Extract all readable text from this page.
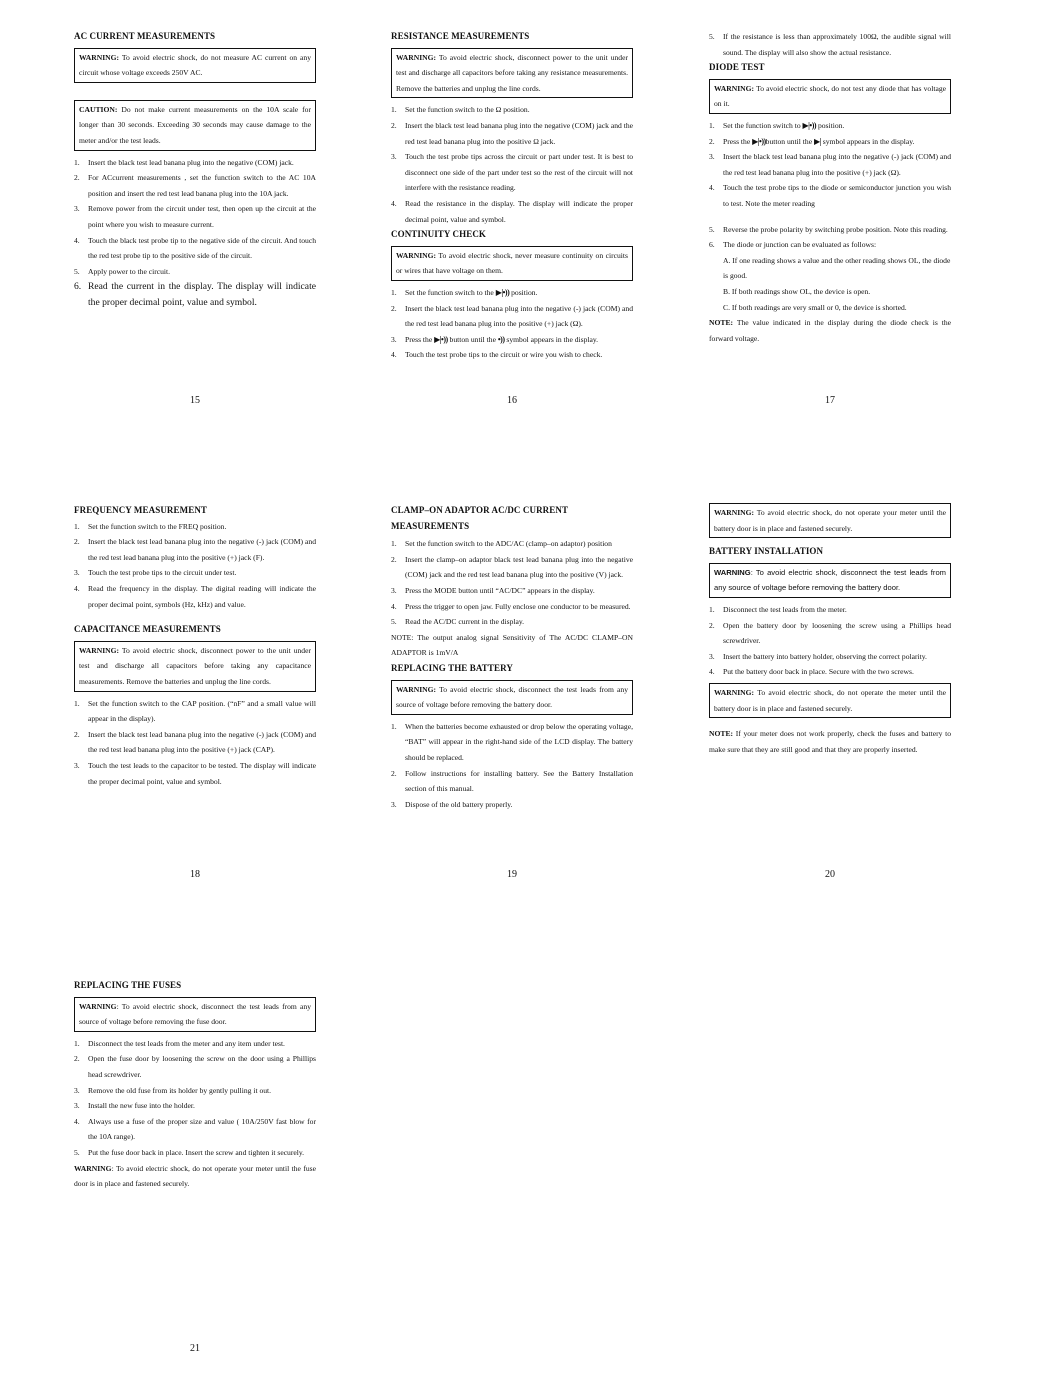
AC CURRENT MEASUREMENTS
WARNING: To avoid electric shock, do not measure AC current on any circuit whose voltage exceeds 250V AC.
CAUTION: Do not make current measurements on the 10A scale for longer than 30 seconds. Exceeding 30 seconds may cause damage to the meter and/or the test leads.
1. Insert the black test lead banana plug into the negative (COM) jack.
2. For ACcurrent measurements , set the function switch to the AC 10A position and insert the red test lead banana plug into the 10A jack.
3. Remove power from the circuit under test, then open up the circuit at the point where you wish to measure current.
4. Touch the black test probe tip to the negative side of the circuit. And touch the red test probe tip to the positive side of the circuit.
5. Apply power to the circuit.
6. Read the current in the display. The display will indicate the proper decimal point, value and symbol.
15
RESISTANCE MEASUREMENTS
WARNING: To avoid electric shock, disconnect power to the unit under test and discharge all capacitors before taking any resistance measurements. Remove the batteries and unplug the line cords.
1. Set the function switch to the Ω position.
2. Insert the black test lead banana plug into the negative (COM) jack and the red test lead banana plug into the positive Ω jack.
3. Touch the test probe tips across the circuit or part under test. It is best to disconnect one side of the part under test so the rest of the circuit will not interfere with the resistance reading.
4. Read the resistance in the display. The display will indicate the proper decimal point, value and symbol.
CONTINUITY CHECK
WARNING: To avoid electric shock, never measure continuity on circuits or wires that have voltage on them.
1. Set the function switch to the ▶|•)) position.
2. Insert the black test lead banana plug into the negative (-) jack (COM) and the red test lead banana plug into the positive (+) jack (Ω).
3. Press the ▶|•)) button until the •)) symbol appears in the display.
4. Touch the test probe tips to the circuit or wire you wish to check.
16
5. If the resistance is less than approximately 100Ω, the audible signal will sound. The display will also show the actual resistance.
DIODE TEST
WARNING: To avoid electric shock, do not test any diode that has voltage on it.
1. Set the function switch to ▶|•)) position.
2. Press the ▶|•))button until the ▶| symbol appears in the display.
3. Insert the black test lead banana plug into the negative (-) jack (COM) and the red test lead banana plug into the positive (+) jack (Ω).
4. Touch the test probe tips to the diode or semiconductor junction you wish to test. Note the meter reading
5. Reverse the probe polarity by switching probe position. Note this reading.
6. The diode or junction can be evaluated as follows:
A. If one reading shows a value and the other reading shows OL, the diode is good.
B. If both readings show OL, the device is open.
C. If both readings are very small or 0, the device is shorted.

NOTE: The value indicated in the display during the diode check is the forward voltage.

17
FREQUENCY MEASUREMENT
1. Set the function switch to the FREQ position.
2. Insert the black test lead banana plug into the negative (-) jack (COM) and the red test lead banana plug into the positive (+) jack (F).
3. Touch the test probe tips to the circuit under test.
4. Read the frequency in the display. The digital reading will indicate the proper decimal point, symbols (Hz, kHz) and value.
CAPACITANCE MEASUREMENTS
WARNING: To avoid electric shock, disconnect power to the unit under test and discharge all capacitors before taking any capacitance measurements. Remove the batteries and unplug the line cords.
1. Set the function switch to the CAP position. (“nF” and a small value will appear in the display).
2. Insert the black test lead banana plug into the negative (-) jack (COM) and the red test lead banana plug into the positive (+) jack (CAP).
3. Touch the test leads to the capacitor to be tested. The display will indicate the proper decimal point, value and symbol.
18
CLAMP–ON ADAPTOR AC/DC CURRENT
MEASUREMENTS
1. Set the function switch to the ADC/AC (clamp–on adaptor) position
2. Insert the clamp–on adaptor black test lead banana plug into the negative (COM) jack and the red test lead banana plug into the positive (V) jack.
3. Press the MODE button until “AC/DC” appears in the display.
4. Press the trigger to open jaw. Fully enclose one conductor to be measured.
5. Read the AC/DC current in the display.

NOTE: The output analog signal Sensitivity of The AC/DC CLAMP–ON ADAPTOR is 1mV/A

REPLACING THE BATTERY
WARNING: To avoid electric shock, disconnect the test leads from any source of voltage before removing the battery door.
1. When the batteries become exhausted or drop below the operating voltage, “BAT” will appear in the right-hand side of the LCD display. The battery should be replaced.
2. Follow instructions for installing battery. See the Battery Installation section of this manual.
3. Dispose of the old battery properly.
19
WARNING: To avoid electric shock, do not operate your meter until the battery door is in place and fastened securely.
BATTERY INSTALLATION
WARNING: To avoid electric shock, disconnect the test leads from any source of voltage before removing the battery door.
1. Disconnect the test leads from the meter.
2. Open the battery door by loosening the screw using a Phillips head screwdriver.
3. Insert the battery into battery holder, observing the correct polarity.
4. Put the battery door back in place. Secure with the two screws.
WARNING: To avoid electric shock, do not operate the meter until the battery door is in place and fastened securely.

NOTE: If your meter does not work properly, check the fuses and battery to make sure that they are still good and that they are properly inserted.

20
REPLACING THE FUSES
WARNING: To avoid electric shock, disconnect the test leads from any source of voltage before removing the fuse door.
1. Disconnect the test leads from the meter and any item under test.
2. Open the fuse door by loosening the screw on the door using a Phillips head screwdriver.
3. Remove the old fuse from its holder by gently pulling it out.
3. Install the new fuse into the holder.
4. Always use a fuse of the proper size and value ( 10A/250V fast blow for the 10A range).
5. Put the fuse door back in place. Insert the screw and tighten it securely.

WARNING: To avoid electric shock, do not operate your meter until the fuse door is in place and fastened securely.

21
